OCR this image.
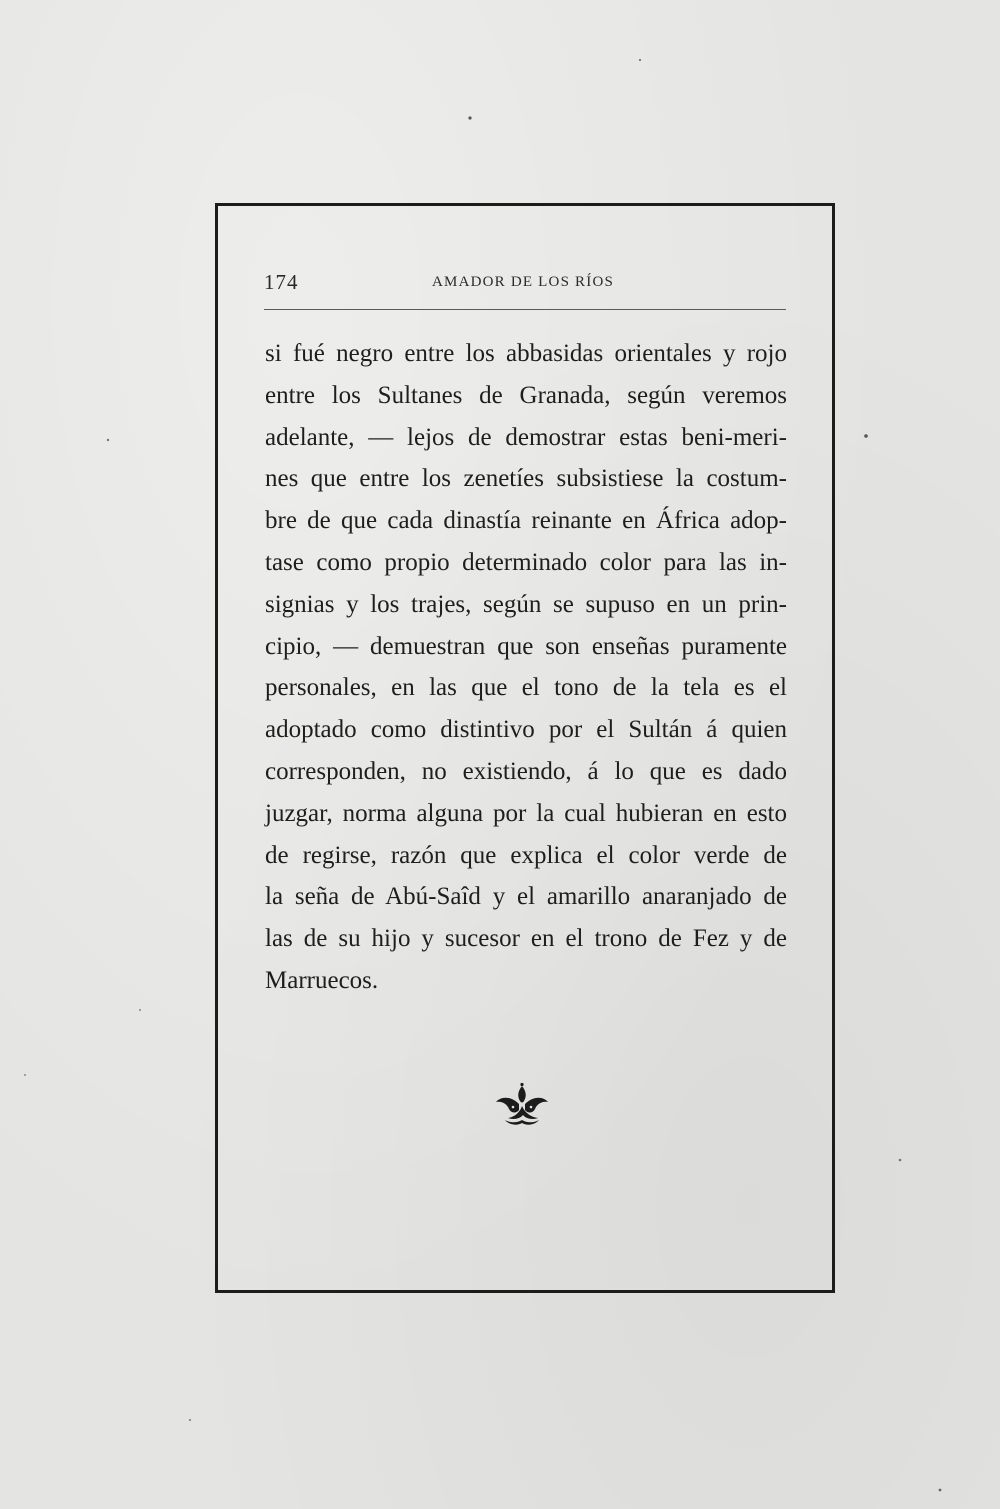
174	AMADOR DE LOS RÍOS

si fué negro entre los abbasidas orientales y rojo
entre los Sultanes de Granada, según veremos
adelante, — lejos de demostrar estas beni-meri-
nes que entre los zenetíes subsistiese la costum-
bre de que cada dinastía reinante en África adop-
tase como propio determinado color para las in-
signias y los trajes, según se supuso en un prin-
cipio, — demuestran que son enseñas puramente
personales, en las que el tono de la tela es el
adoptado como distintivo por el Sultán á quien
corresponden, no existiendo, á lo que es dado
juzgar, norma alguna por la cual hubieran en esto
de regirse, razón que explica el color verde de
la seña de Abú-Saîd y el amarillo anaranjado de
las de su hijo y sucesor en el trono de Fez y de
Marruecos.
